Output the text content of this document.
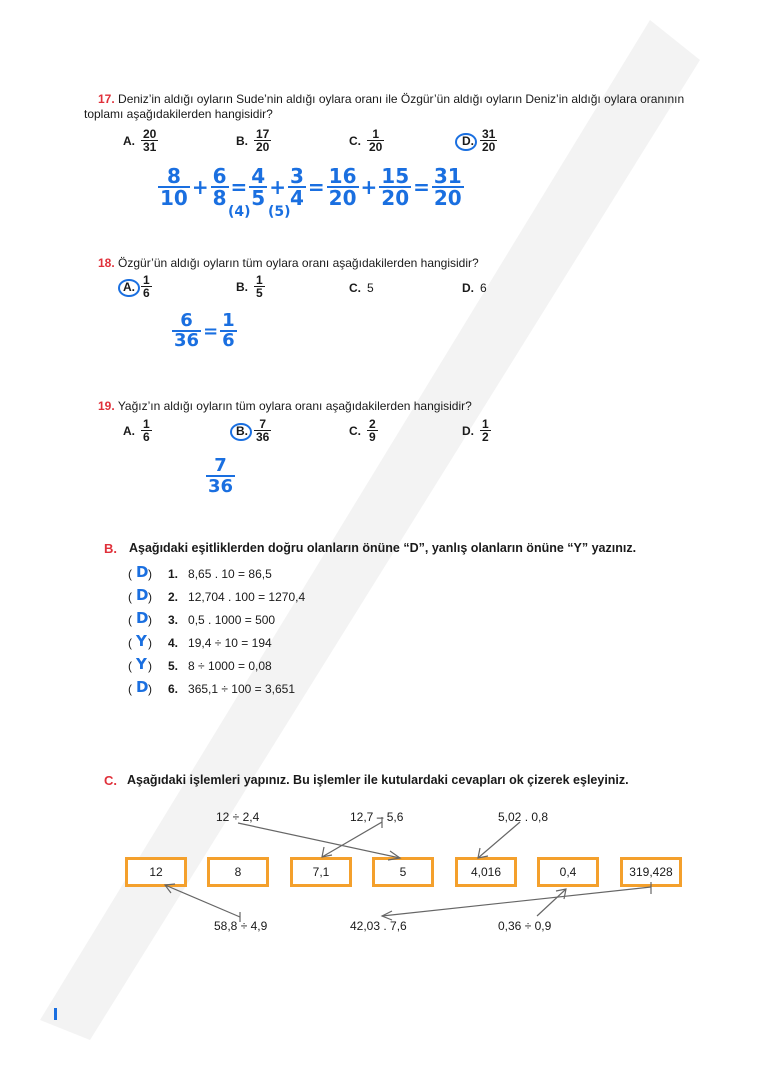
17. Deniz’in aldığı oyların Sude’nin aldığı oylara oranı ile Özgür’ün aldığı oyların Deniz’in aldığı oylara oranının toplamı aşağıdakilerden hangisidir?
A. $\frac{20}{31}$	B. $\frac{17}{20}$	C. $\frac{1}{20}$	D. $\frac{31}{20}$
$\frac{8}{10} + \frac{6}{8} = \frac{4}{5} + \frac{3}{4} = \frac{16}{20} + \frac{15}{20} = \frac{31}{20}$
(4) (5)
18. Özgür’ün aldığı oyların tüm oylara oranı aşağıdakilerden hangisidir?
A. $\frac{1}{6}$	B. $\frac{1}{5}$	C. 5	D. 6
$\frac{6}{36} = \frac{1}{6}$
19. Yağız’ın aldığı oyların tüm oylara oranı aşağıdakilerden hangisidir?
A. $\frac{1}{6}$	B. $\frac{7}{36}$	C. $\frac{2}{9}$	D. $\frac{1}{2}$
$\frac{7}{36}$
B. Aşağıdaki eşitliklerden doğru olanların önüne “D”, yanlış olanların önüne “Y” yazınız.
( D ) 1. 8,65 . 10 = 86,5
( D ) 2. 12,704 . 100 = 1270,4
( D ) 3. 0,5 . 1000 = 500
( Y ) 4. 19,4 ÷ 10 = 194
( Y ) 5. 8 ÷ 1000 = 0,08
( D ) 6. 365,1 ÷ 100 = 3,651
C. Aşağıdaki işlemleri yapınız. Bu işlemler ile kutulardaki cevapları ok çizerek eşleyiniz.
12 ÷ 2,4	12,7 – 5,6	5,02 . 0,8
12	8	7,1	5	4,016	0,4	319,428
58,8 ÷ 4,9	42,03 . 7,6	0,36 ÷ 0,9
